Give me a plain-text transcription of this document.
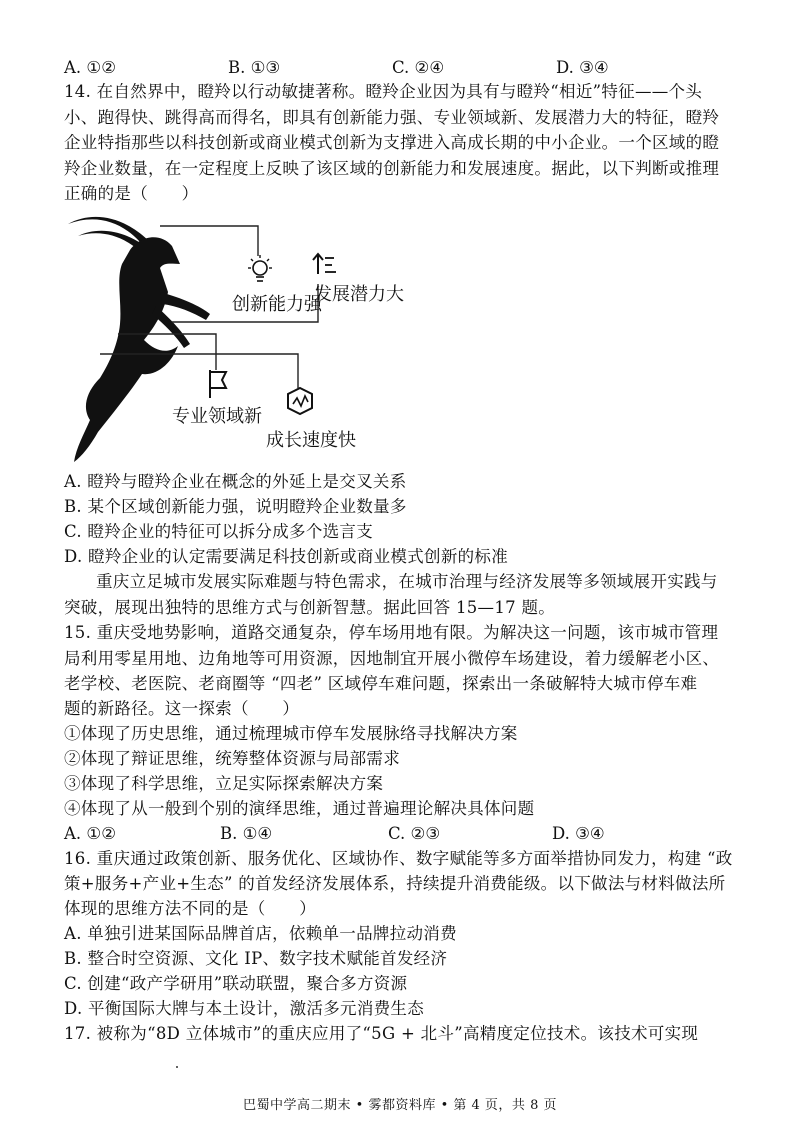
A. ①②	B. ①③	C. ②④	D. ③④
14. 在自然界中，瞪羚以行动敏捷著称。瞪羚企业因为具有与瞪羚“相近”特征——个头
小、跑得快、跳得高而得名，即具有创新能力强、专业领域新、发展潜力大的特征，瞪羚
企业特指那些以科技创新或商业模式创新为支撑进入高成长期的中小企业。一个区域的瞪
羚企业数量，在一定程度上反映了该区域的创新能力和发展速度。据此，以下判断或推理
正确的是（　　）
创新能力强
发展潜力大
专业领域新
成长速度快
A. 瞪羚与瞪羚企业在概念的外延上是交叉关系
B. 某个区域创新能力强，说明瞪羚企业数量多
C. 瞪羚企业的特征可以拆分成多个选言支
D. 瞪羚企业的认定需要满足科技创新或商业模式创新的标准
重庆立足城市发展实际难题与特色需求，在城市治理与经济发展等多领域展开实践与
突破，展现出独特的思维方式与创新智慧。据此回答 15—17 题。
15. 重庆受地势影响，道路交通复杂，停车场用地有限。为解决这一问题，该市城市管理
局利用零星用地、边角地等可用资源，因地制宜开展小微停车场建设，着力缓解老小区、
老学校、老医院、老商圈等 “四老” 区域停车难问题，探索出一条破解特大城市停车难
题的新路径。这一探索（　　）
①体现了历史思维，通过梳理城市停车发展脉络寻找解决方案
②体现了辩证思维，统筹整体资源与局部需求
③体现了科学思维，立足实际探索解决方案
④体现了从一般到个别的演绎思维，通过普遍理论解决具体问题
A. ①②	B. ①④	C. ②③	D. ③④
16. 重庆通过政策创新、服务优化、区域协作、数字赋能等多方面举措协同发力，构建 “政
策+服务+产业+生态” 的首发经济发展体系，持续提升消费能级。以下做法与材料做法所
体现的思维方法不同的是（　　）
A. 单独引进某国际品牌首店，依赖单一品牌拉动消费
B. 整合时空资源、文化 IP、数字技术赋能首发经济
C. 创建“政产学研用”联动联盟，聚合多方资源
D. 平衡国际大牌与本土设计，激活多元消费生态
17. 被称为“8D 立体城市”的重庆应用了“5G + 北斗”高精度定位技术。该技术可实现
巴蜀中学高二期末 • 雾都资料库 • 第 4 页，共 8 页
